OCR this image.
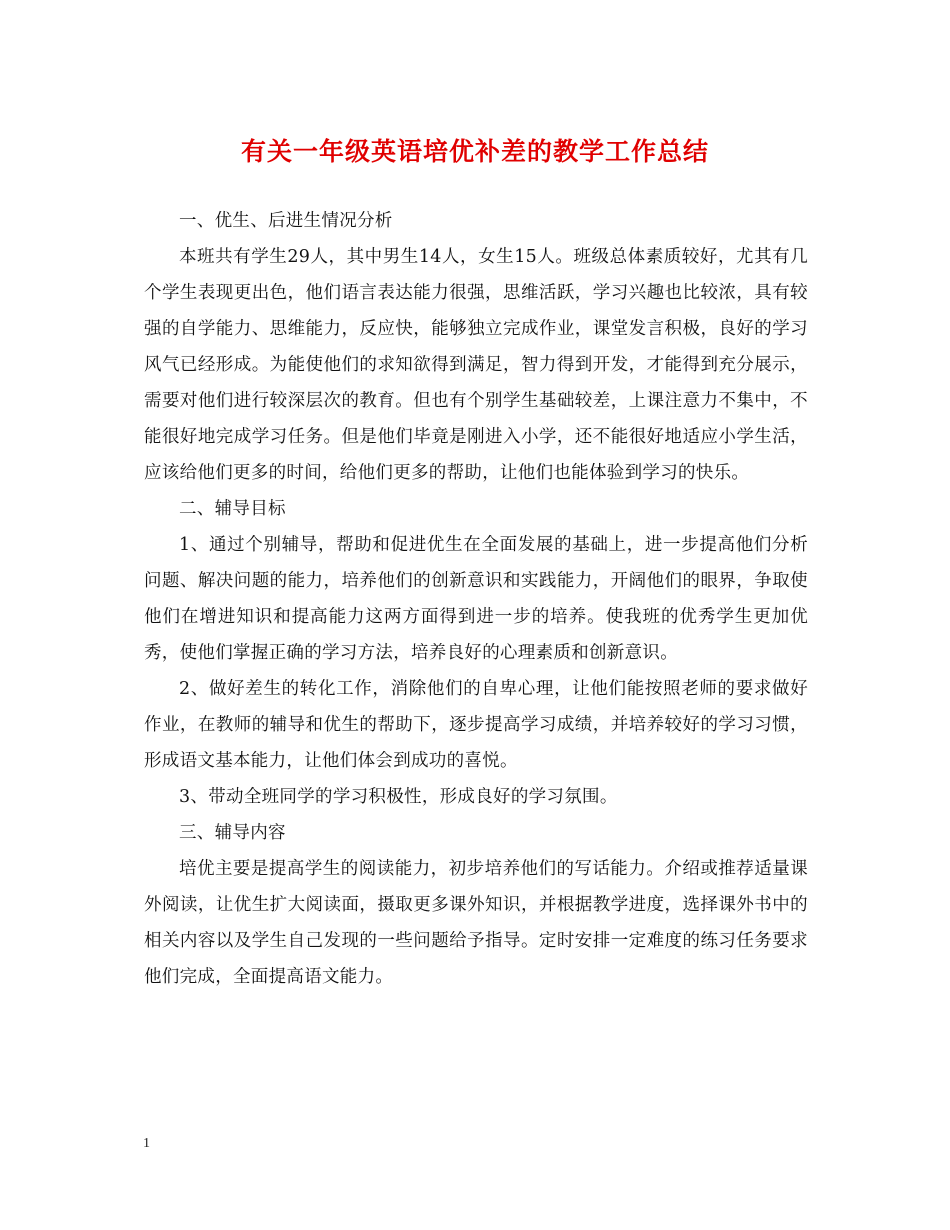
有关一年级英语培优补差的教学工作总结

一、优生、后进生情况分析

本班共有学生29人，其中男生14人，女生15人。班级总体素质较好，尤其有几个学生表现更出色，他们语言表达能力很强，思维活跃，学习兴趣也比较浓，具有较强的自学能力、思维能力，反应快，能够独立完成作业，课堂发言积极，良好的学习风气已经形成。为能使他们的求知欲得到满足，智力得到开发，才能得到充分展示，需要对他们进行较深层次的教育。但也有个别学生基础较差，上课注意力不集中，不能很好地完成学习任务。但是他们毕竟是刚进入小学，还不能很好地适应小学生活，应该给他们更多的时间，给他们更多的帮助，让他们也能体验到学习的快乐。

二、辅导目标

1、通过个别辅导，帮助和促进优生在全面发展的基础上，进一步提高他们分析问题、解决问题的能力，培养他们的创新意识和实践能力，开阔他们的眼界，争取使他们在增进知识和提高能力这两方面得到进一步的培养。使我班的优秀学生更加优秀，使他们掌握正确的学习方法，培养良好的心理素质和创新意识。

2、做好差生的转化工作，消除他们的自卑心理，让他们能按照老师的要求做好作业，在教师的辅导和优生的帮助下，逐步提高学习成绩，并培养较好的学习习惯，形成语文基本能力，让他们体会到成功的喜悦。

3、带动全班同学的学习积极性，形成良好的学习氛围。

三、辅导内容

培优主要是提高学生的阅读能力，初步培养他们的写话能力。介绍或推荐适量课外阅读，让优生扩大阅读面，摄取更多课外知识，并根据教学进度，选择课外书中的相关内容以及学生自己发现的一些问题给予指导。定时安排一定难度的练习任务要求他们完成，全面提高语文能力。

1
